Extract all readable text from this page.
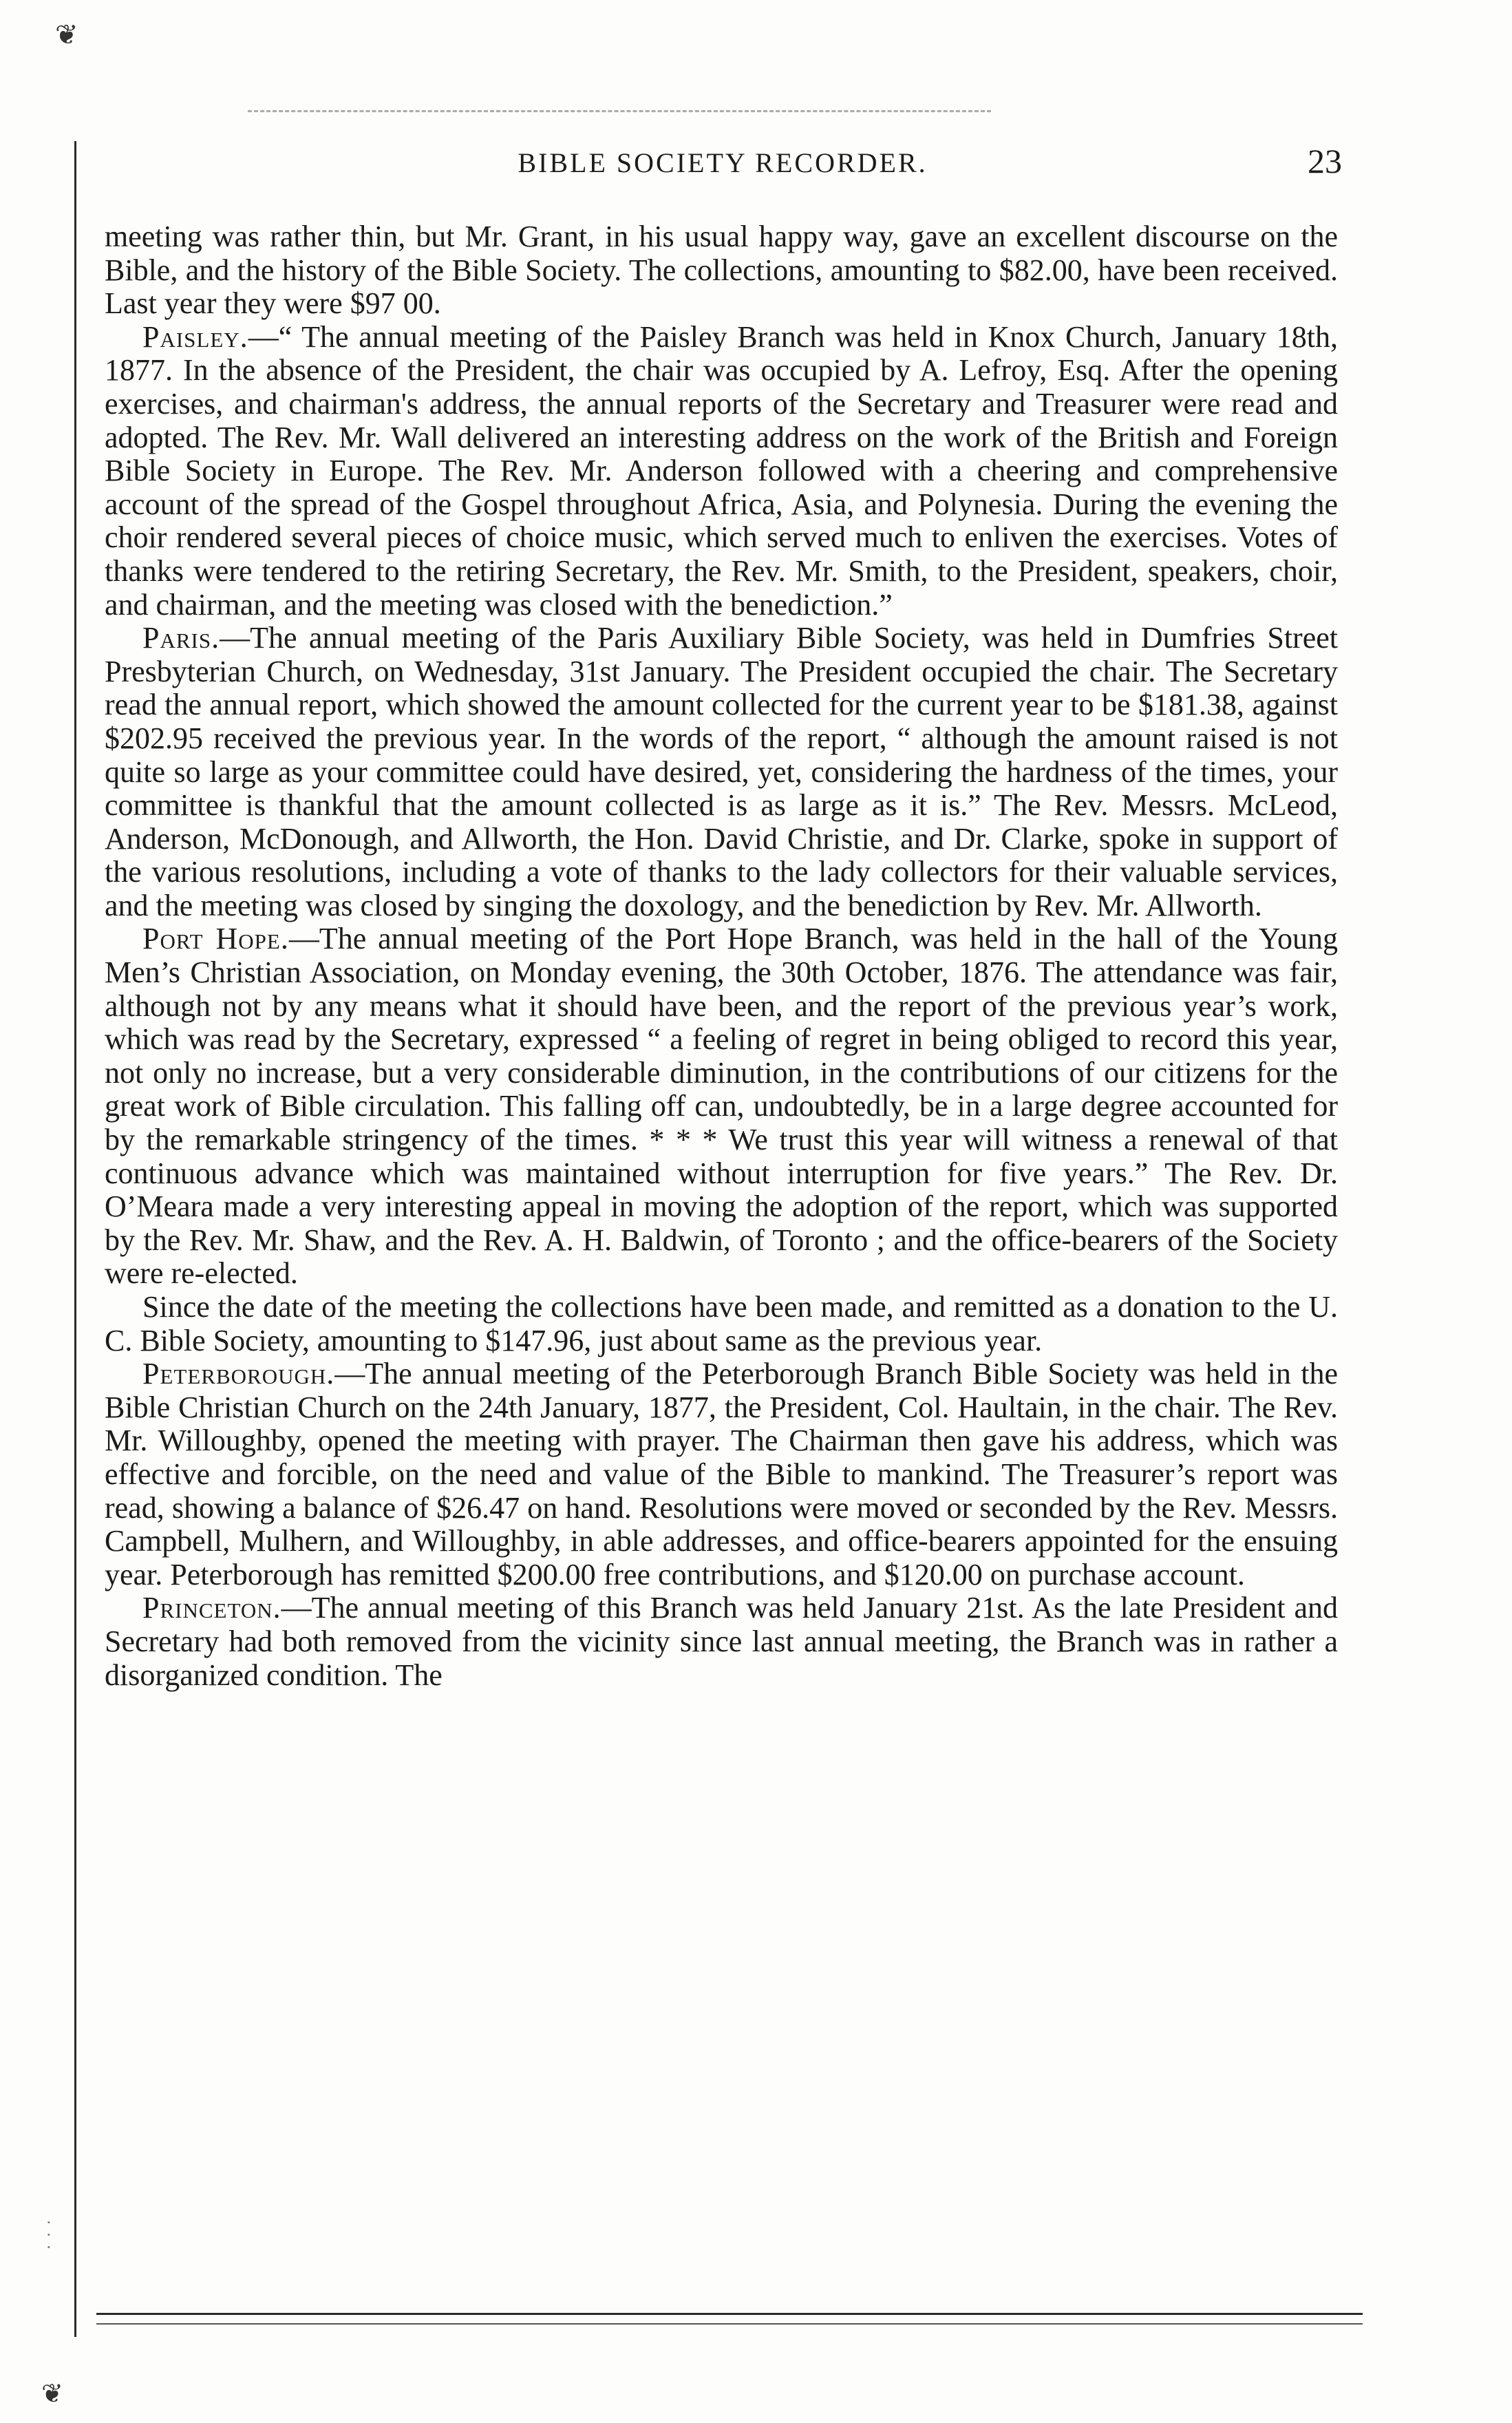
❦
· · ·
BIBLE SOCIETY RECORDER.	23

meeting was rather thin, but Mr. Grant, in his usual happy way, gave an excellent discourse on the Bible, and the history of the Bible Society. The collections, amounting to $82.00, have been received. Last year they were $97 00.

Paisley.—“ The annual meeting of the Paisley Branch was held in Knox Church, January 18th, 1877. In the absence of the President, the chair was occupied by A. Lefroy, Esq. After the opening exercises, and chairman's address, the annual reports of the Secretary and Treasurer were read and adopted. The Rev. Mr. Wall delivered an interesting address on the work of the British and Foreign Bible Society in Europe. The Rev. Mr. Anderson followed with a cheering and comprehensive account of the spread of the Gospel throughout Africa, Asia, and Polynesia. During the evening the choir rendered several pieces of choice music, which served much to enliven the exercises. Votes of thanks were tendered to the retiring Secretary, the Rev. Mr. Smith, to the President, speakers, choir, and chairman, and the meeting was closed with the benediction.”

Paris.—The annual meeting of the Paris Auxiliary Bible Society, was held in Dumfries Street Presbyterian Church, on Wednesday, 31st January. The President occupied the chair. The Secretary read the annual report, which showed the amount collected for the current year to be $181.38, against $202.95 received the previous year. In the words of the report, “ although the amount raised is not quite so large as your committee could have desired, yet, considering the hardness of the times, your committee is thankful that the amount collected is as large as it is.” The Rev. Messrs. McLeod, Anderson, McDonough, and Allworth, the Hon. David Christie, and Dr. Clarke, spoke in support of the various resolutions, including a vote of thanks to the lady collectors for their valuable services, and the meeting was closed by singing the doxology, and the benediction by Rev. Mr. Allworth.

Port Hope.—The annual meeting of the Port Hope Branch, was held in the hall of the Young Men’s Christian Association, on Monday evening, the 30th October, 1876. The attendance was fair, although not by any means what it should have been, and the report of the previous year’s work, which was read by the Secretary, expressed “ a feeling of regret in being obliged to record this year, not only no increase, but a very considerable diminution, in the contributions of our citizens for the great work of Bible circulation. This falling off can, undoubtedly, be in a large degree accounted for by the remarkable stringency of the times. * * * We trust this year will witness a renewal of that continuous advance which was maintained without interruption for five years.” The Rev. Dr. O’Meara made a very interesting appeal in moving the adoption of the report, which was supported by the Rev. Mr. Shaw, and the Rev. A. H. Baldwin, of Toronto ; and the office-bearers of the Society were re-elected.

Since the date of the meeting the collections have been made, and remitted as a donation to the U. C. Bible Society, amounting to $147.96, just about same as the previous year.

Peterborough.—The annual meeting of the Peterborough Branch Bible Society was held in the Bible Christian Church on the 24th January, 1877, the President, Col. Haultain, in the chair. The Rev. Mr. Willoughby, opened the meeting with prayer. The Chairman then gave his address, which was effective and forcible, on the need and value of the Bible to mankind. The Treasurer’s report was read, showing a balance of $26.47 on hand. Resolutions were moved or seconded by the Rev. Messrs. Campbell, Mulhern, and Willoughby, in able addresses, and office-bearers appointed for the ensuing year. Peterborough has remitted $200.00 free contributions, and $120.00 on purchase account.

Princeton.—The annual meeting of this Branch was held January 21st. As the late President and Secretary had both removed from the vicinity since last annual meeting, the Branch was in rather a disorganized condition. The

❦
